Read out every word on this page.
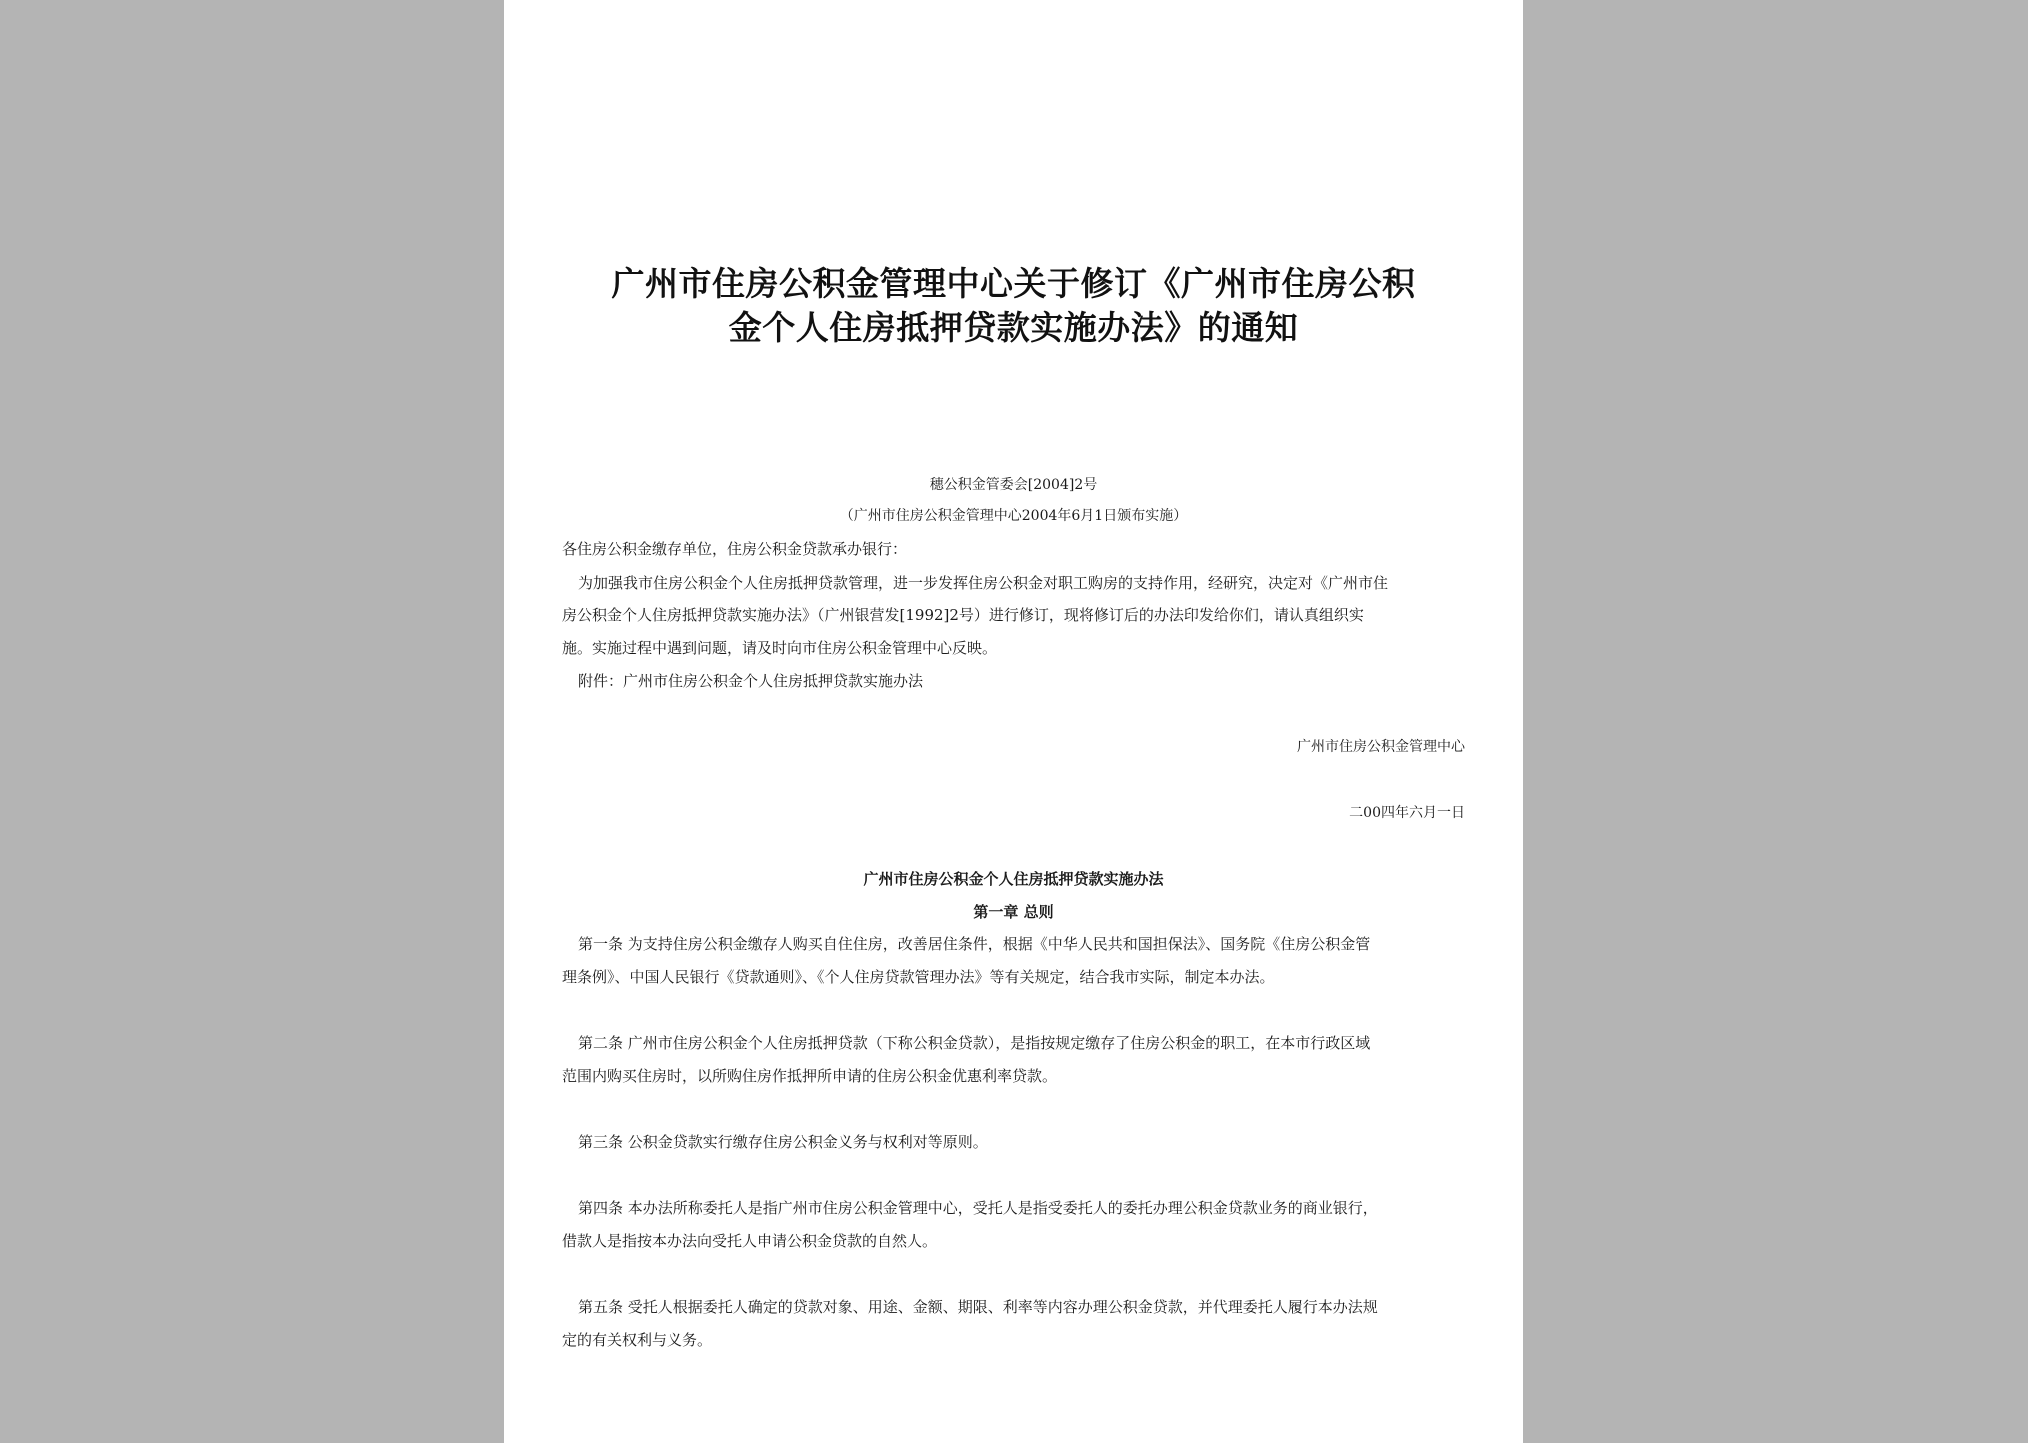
广州市住房公积金管理中心关于修订《广州市住房公积
金个人住房抵押贷款实施办法》的通知
穗公积金管委会[2004]2号
（广州市住房公积金管理中心2004年6月1日颁布实施）
各住房公积金缴存单位，住房公积金贷款承办银行：
为加强我市住房公积金个人住房抵押贷款管理，进一步发挥住房公积金对职工购房的支持作用，经研究，决定对《广州市住
房公积金个人住房抵押贷款实施办法》（广州银营发[1992]2号）进行修订，现将修订后的办法印发给你们，请认真组织实
施。实施过程中遇到问题，请及时向市住房公积金管理中心反映。
附件：广州市住房公积金个人住房抵押贷款实施办法
广州市住房公积金管理中心
二00四年六月一日
广州市住房公积金个人住房抵押贷款实施办法
第一章 总则
第一条 为支持住房公积金缴存人购买自住住房，改善居住条件，根据《中华人民共和国担保法》、国务院《住房公积金管
理条例》、中国人民银行《贷款通则》、《个人住房贷款管理办法》等有关规定，结合我市实际，制定本办法。
第二条 广州市住房公积金个人住房抵押贷款（下称公积金贷款），是指按规定缴存了住房公积金的职工，在本市行政区域
范围内购买住房时，以所购住房作抵押所申请的住房公积金优惠利率贷款。
第三条 公积金贷款实行缴存住房公积金义务与权利对等原则。
第四条 本办法所称委托人是指广州市住房公积金管理中心，受托人是指受委托人的委托办理公积金贷款业务的商业银行，
借款人是指按本办法向受托人申请公积金贷款的自然人。
第五条 受托人根据委托人确定的贷款对象、用途、金额、期限、利率等内容办理公积金贷款，并代理委托人履行本办法规
定的有关权利与义务。
